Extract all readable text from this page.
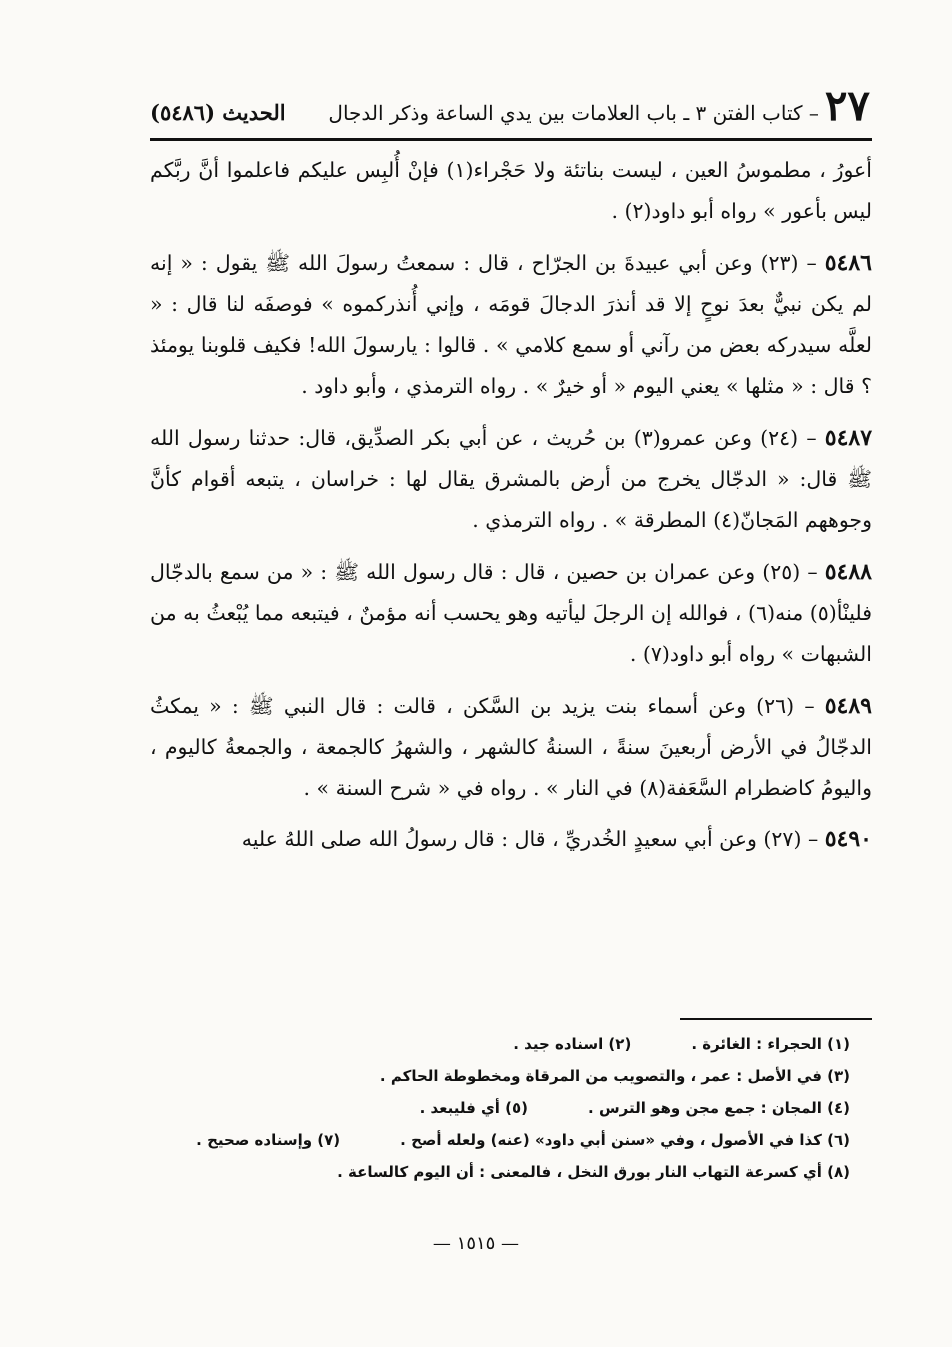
٢٧
– كتاب الفتن ٣ ـ باب العلامات بين يدي الساعة وذكر الدجال
الحديث (٥٤٨٦)

أعورُ ، مطموسُ العين ، ليست بناتئة ولا حَجْراء(١) فإنْ أُلبِس عليكم فاعلموا أنَّ ربَّكم ليس بأعور » رواه أبو داود(٢) .

٥٤٨٦ – (٢٣) وعن أبي عبيدةَ بن الجرّاح ، قال : سمعتُ رسولَ الله ﷺ يقول : « إنه لم يكن نبيٌّ بعدَ نوحٍ إلا قد أنذرَ الدجالَ قومَه ، وإني أُنذركموه » فوصفَه لنا قال : « لعلَّه سيدركه بعض من رآني أو سمع كلامي » . قالوا : يارسولَ الله! فكيف قلوبنا يومئذ ؟ قال : « مثلها » يعني اليوم « أو خيرٌ » . رواه الترمذي ، وأبو داود .

٥٤٨٧ – (٢٤) وعن عمرو(٣) بن حُريث ، عن أبي بكر الصدِّيق، قال: حدثنا رسول الله ﷺ قال: « الدجّال يخرج من أرض بالمشرق يقال لها : خراسان ، يتبعه أقوام كأنَّ وجوههم المَجانّ(٤) المطرقة » . رواه الترمذي .

٥٤٨٨ – (٢٥) وعن عمران بن حصين ، قال : قال رسول الله ﷺ : « من سمع بالدجّال فلينْأ(٥) منه(٦) ، فوالله إن الرجلَ ليأتيه وهو يحسب أنه مؤمنٌ ، فيتبعه مما يُبْعثُ به من الشبهات » رواه أبو داود(٧) .

٥٤٨٩ – (٢٦) وعن أسماء بنت يزيد بن السَّكن ، قالت : قال النبي ﷺ : « يمكثُ الدجّالُ في الأرض أربعينَ سنةً ، السنةُ كالشهر ، والشهرُ كالجمعة ، والجمعةُ كاليوم ، واليومُ كاضطرام السَّعَفة(٨) في النار » . رواه في « شرح السنة » .

٥٤٩٠ – (٢٧) وعن أبي سعيدٍ الخُدريِّ ، قال : قال رسولُ الله صلى اللهُ عليه

(١) الحجراء : الغائرة .
(٢) اسناده جيد .
(٣) في الأصل : عمر ، والتصويب من المرقاة ومخطوطة الحاكم .
(٤) المجان : جمع مجن وهو الترس .
(٥) أي فليبعد .
(٦) كذا في الأصول ، وفي «سنن أبي داود» (عنه) ولعله أصح .
(٧) وإسناده صحيح .
(٨) أي كسرعة التهاب النار بورق النخل ، فالمعنى : أن اليوم كالساعة .
— ١٥١٥ —
